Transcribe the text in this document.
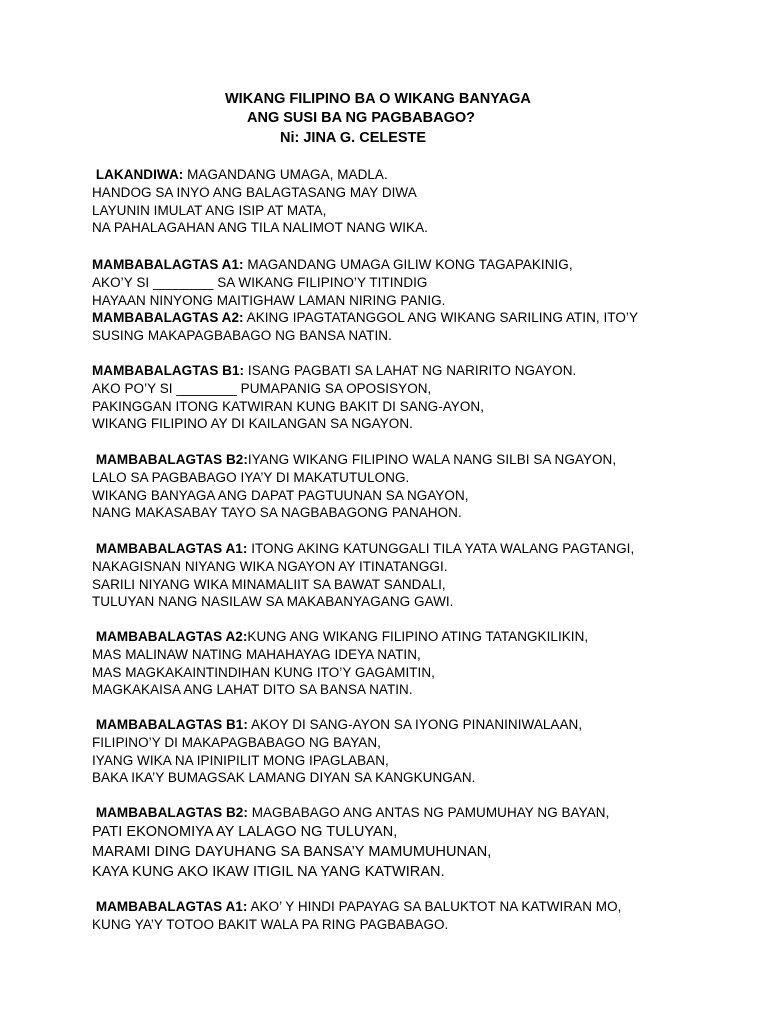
WIKANG FILIPINO BA O WIKANG BANYAGA
ANG SUSI BA NG PAGBABAGO?
Ni: JINA G. CELESTE
LAKANDIWA: MAGANDANG UMAGA, MADLA.
HANDOG SA INYO ANG BALAGTASANG MAY DIWA
LAYUNIN IMULAT ANG ISIP AT MATA,
NA PAHALAGAHAN ANG TILA NALIMOT NANG WIKA.
MAMBABALAGTAS A1: MAGANDANG UMAGA GILIW KONG TAGAPAKINIG,
AKO’Y SI ________ SA WIKANG FILIPINO’Y TITINDIG
HAYAAN NINYONG MAITIGHAW LAMAN NIRING PANIG.
MAMBABALAGTAS A2: AKING IPAGTATANGGOL ANG WIKANG SARILING ATIN, ITO’Y
SUSING MAKAPAGBABAGO NG BANSA NATIN.
MAMBABALAGTAS B1: ISANG PAGBATI SA LAHAT NG NARIRITO NGAYON.
AKO PO’Y SI ________ PUMAPANIG SA OPOSISYON,
PAKINGGAN ITONG KATWIRAN KUNG BAKIT DI SANG-AYON,
WIKANG FILIPINO AY DI KAILANGAN SA NGAYON.
MAMBABALAGTAS B2:IYANG WIKANG FILIPINO WALA NANG SILBI SA NGAYON,
LALO SA PAGBABAGO IYA’Y DI MAKATUTULONG.
WIKANG BANYAGA ANG DAPAT PAGTUUNAN SA NGAYON,
NANG MAKASABAY TAYO SA NAGBABAGONG PANAHON.
MAMBABALAGTAS A1: ITONG AKING KATUNGGALI TILA YATA WALANG PAGTANGI,
NAKAGISNAN NIYANG WIKA NGAYON AY ITINATANGGI.
SARILI NIYANG WIKA MINAMALIIT SA BAWAT SANDALI,
TULUYAN NANG NASILAW SA MAKABANYAGANG GAWI.
MAMBABALAGTAS A2:KUNG ANG WIKANG FILIPINO ATING TATANGKILIKIN,
MAS MALINAW NATING MAHAHAYAG IDEYA NATIN,
MAS MAGKAKAINTINDIHAN KUNG ITO’Y GAGAMITIN,
MAGKAKAISA ANG LAHAT DITO SA BANSA NATIN.
MAMBABALAGTAS B1: AKOY DI SANG-AYON SA IYONG PINANINIWALAAN,
FILIPINO’Y DI MAKAPAGBABAGO NG BAYAN,
IYANG WIKA NA IPINIPILIT MONG IPAGLABAN,
BAKA IKA’Y BUMAGSAK LAMANG DIYAN SA KANGKUNGAN.
MAMBABALAGTAS B2: MAGBABAGO ANG ANTAS NG PAMUMUHAY NG BAYAN,
PATI EKONOMIYA AY LALAGO NG TULUYAN,
MARAMI DING DAYUHANG SA BANSA’Y MAMUMUHUNAN,
KAYA KUNG AKO IKAW ITIGIL NA YANG KATWIRAN.
MAMBABALAGTAS A1: AKO’ Y HINDI PAPAYAG SA BALUKTOT NA KATWIRAN MO,
KUNG YA’Y TOTOO BAKIT WALA PA RING PAGBABAGO.
